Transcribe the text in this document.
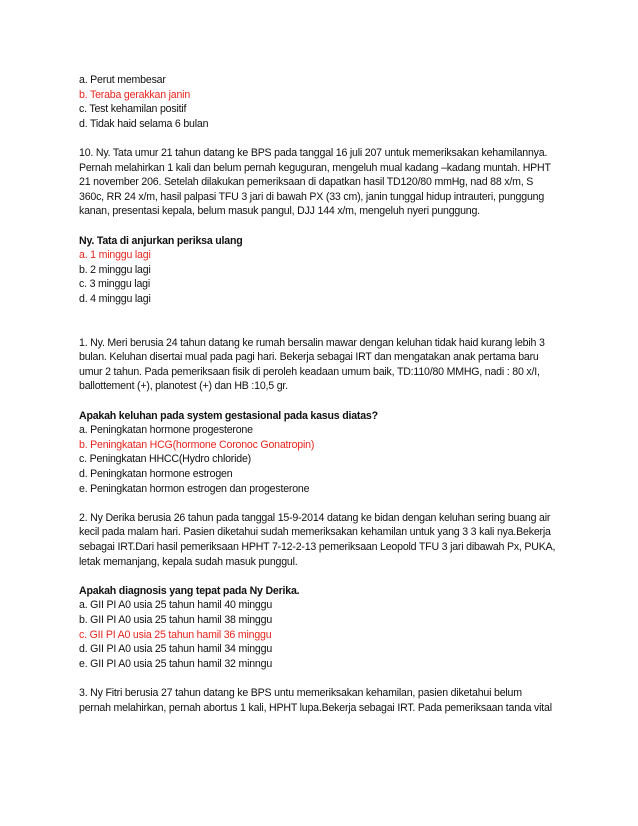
a. Perut membesar
b. Teraba gerakkan janin
c. Test kehamilan positif
d. Tidak haid selama 6 bulan
10. Ny. Tata umur 21 tahun datang ke BPS pada tanggal 16 juli 207 untuk memeriksakan kehamilannya.
Pernah melahirkan 1 kali dan belum pernah keguguran, mengeluh mual kadang –kadang muntah. HPHT
21 november 206. Setelah dilakukan pemeriksaan di dapatkan hasil TD120/80 mmHg, nad 88 x/m, S
360c, RR 24 x/m, hasil palpasi TFU 3 jari di bawah PX (33 cm), janin tunggal hidup intrauteri, punggung
kanan, presentasi kepala, belum masuk pangul, DJJ 144 x/m, mengeluh nyeri punggung.
Ny. Tata di anjurkan periksa ulang
a. 1 minggu lagi
b. 2 minggu lagi
c. 3 minggu lagi
d. 4 minggu lagi
1. Ny. Meri berusia 24 tahun datang ke rumah bersalin mawar dengan keluhan tidak haid kurang lebih 3
bulan. Keluhan disertai mual pada pagi hari. Bekerja sebagai IRT dan mengatakan anak pertama baru
umur 2 tahun. Pada pemeriksaan fisik di peroleh keadaan umum baik, TD:110/80 MMHG, nadi : 80 x/I,
ballottement (+), planotest (+) dan HB :10,5 gr.
Apakah keluhan pada system gestasional pada kasus diatas?
a. Peningkatan hormone progesterone
b. Peningkatan HCG(hormone Coronoc Gonatropin)
c. Peningkatan HHCC(Hydro chloride)
d. Peningkatan hormone estrogen
e. Peningkatan hormon estrogen dan progesterone
2. Ny Derika berusia 26 tahun pada tanggal 15-9-2014 datang ke bidan dengan keluhan sering buang air
kecil pada malam hari. Pasien diketahui sudah memeriksakan kehamilan untuk yang 3 3 kali nya.Bekerja
sebagai IRT.Dari hasil pemeriksaan HPHT 7-12-2-13 pemeriksaan Leopold TFU 3 jari dibawah Px, PUKA,
letak memanjang, kepala sudah masuk punggul.
Apakah diagnosis yang tepat pada Ny Derika.
a. GII PI A0 usia 25 tahun hamil 40 minggu
b. GII PI A0 usia 25 tahun hamil 38 minggu
c. GII PI A0 usia 25 tahun hamil 36 minggu
d. GII PI A0 usia 25 tahun hamil 34 minggu
e. GII PI A0 usia 25 tahun hamil 32 minngu
3. Ny Fitri berusia 27 tahun datang ke BPS untu memeriksakan kehamilan, pasien diketahui belum
pernah melahirkan, pernah abortus 1 kali, HPHT lupa.Bekerja sebagai IRT. Pada pemeriksaan tanda vital
